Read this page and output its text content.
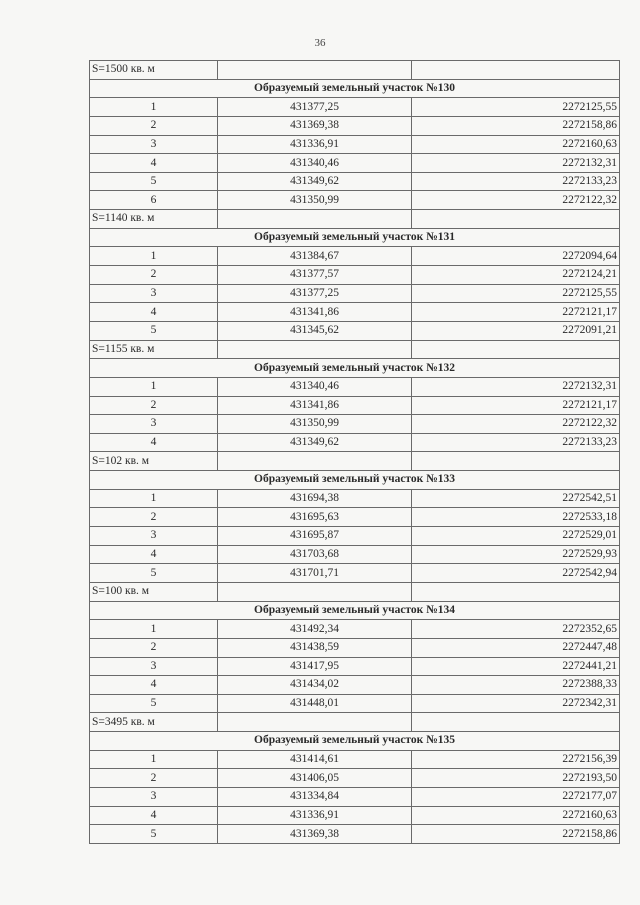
36
S=1500 кв. м		
Образуемый земельный участок №130		
1	431377,25	2272125,55
2	431369,38	2272158,86
3	431336,91	2272160,63
4	431340,46	2272132,31
5	431349,62	2272133,23
6	431350,99	2272122,32
S=1140 кв. м		
Образуемый земельный участок №131		
1	431384,67	2272094,64
2	431377,57	2272124,21
3	431377,25	2272125,55
4	431341,86	2272121,17
5	431345,62	2272091,21
S=1155 кв. м		
Образуемый земельный участок №132		
1	431340,46	2272132,31
2	431341,86	2272121,17
3	431350,99	2272122,32
4	431349,62	2272133,23
S=102 кв. м		
Образуемый земельный участок №133		
1	431694,38	2272542,51
2	431695,63	2272533,18
3	431695,87	2272529,01
4	431703,68	2272529,93
5	431701,71	2272542,94
S=100 кв. м		
Образуемый земельный участок №134		
1	431492,34	2272352,65
2	431438,59	2272447,48
3	431417,95	2272441,21
4	431434,02	2272388,33
5	431448,01	2272342,31
S=3495 кв. м		
Образуемый земельный участок №135		
1	431414,61	2272156,39
2	431406,05	2272193,50
3	431334,84	2272177,07
4	431336,91	2272160,63
5	431369,38	2272158,86
